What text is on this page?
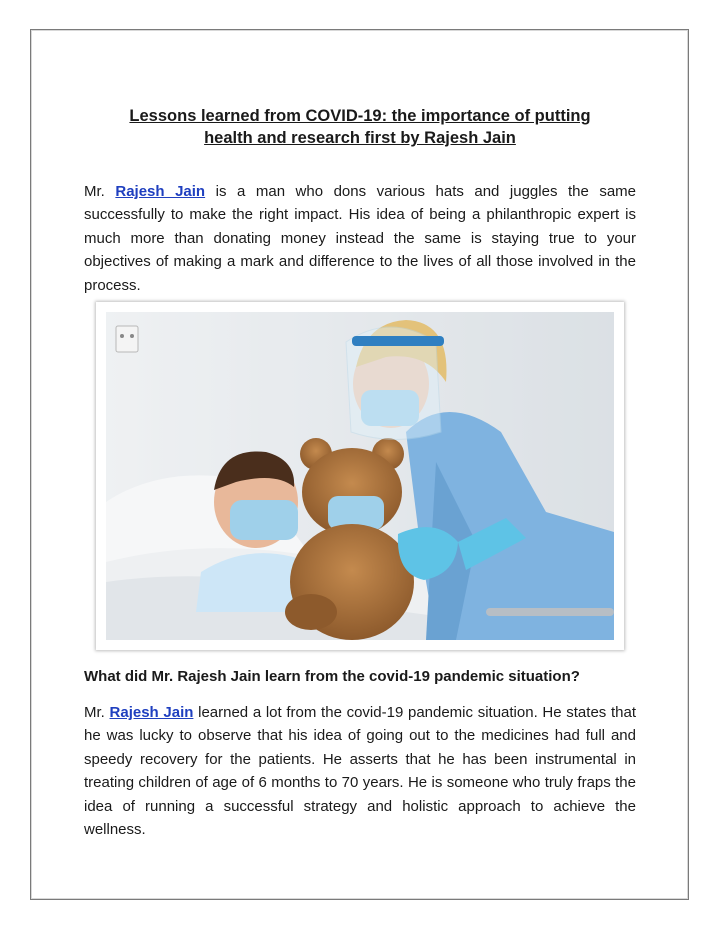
Lessons learned from COVID-19: the importance of putting
health and research first by Rajesh Jain

Mr. Rajesh Jain is a man who dons various hats and juggles the same successfully to make the right impact. His idea of being a philanthropic expert is much more than donating money instead the same is staying true to your objectives of making a mark and difference to the lives of all those involved in the process.

What did Mr. Rajesh Jain learn from the covid-19 pandemic situation?

Mr. Rajesh Jain learned a lot from the covid-19 pandemic situation. He states that he was lucky to observe that his idea of going out to the medicines had full and speedy recovery for the patients. He asserts that he has been instrumental in treating children of age of 6 months to 70 years. He is someone who truly fraps the idea of running a successful strategy and holistic approach to achieve the wellness.
